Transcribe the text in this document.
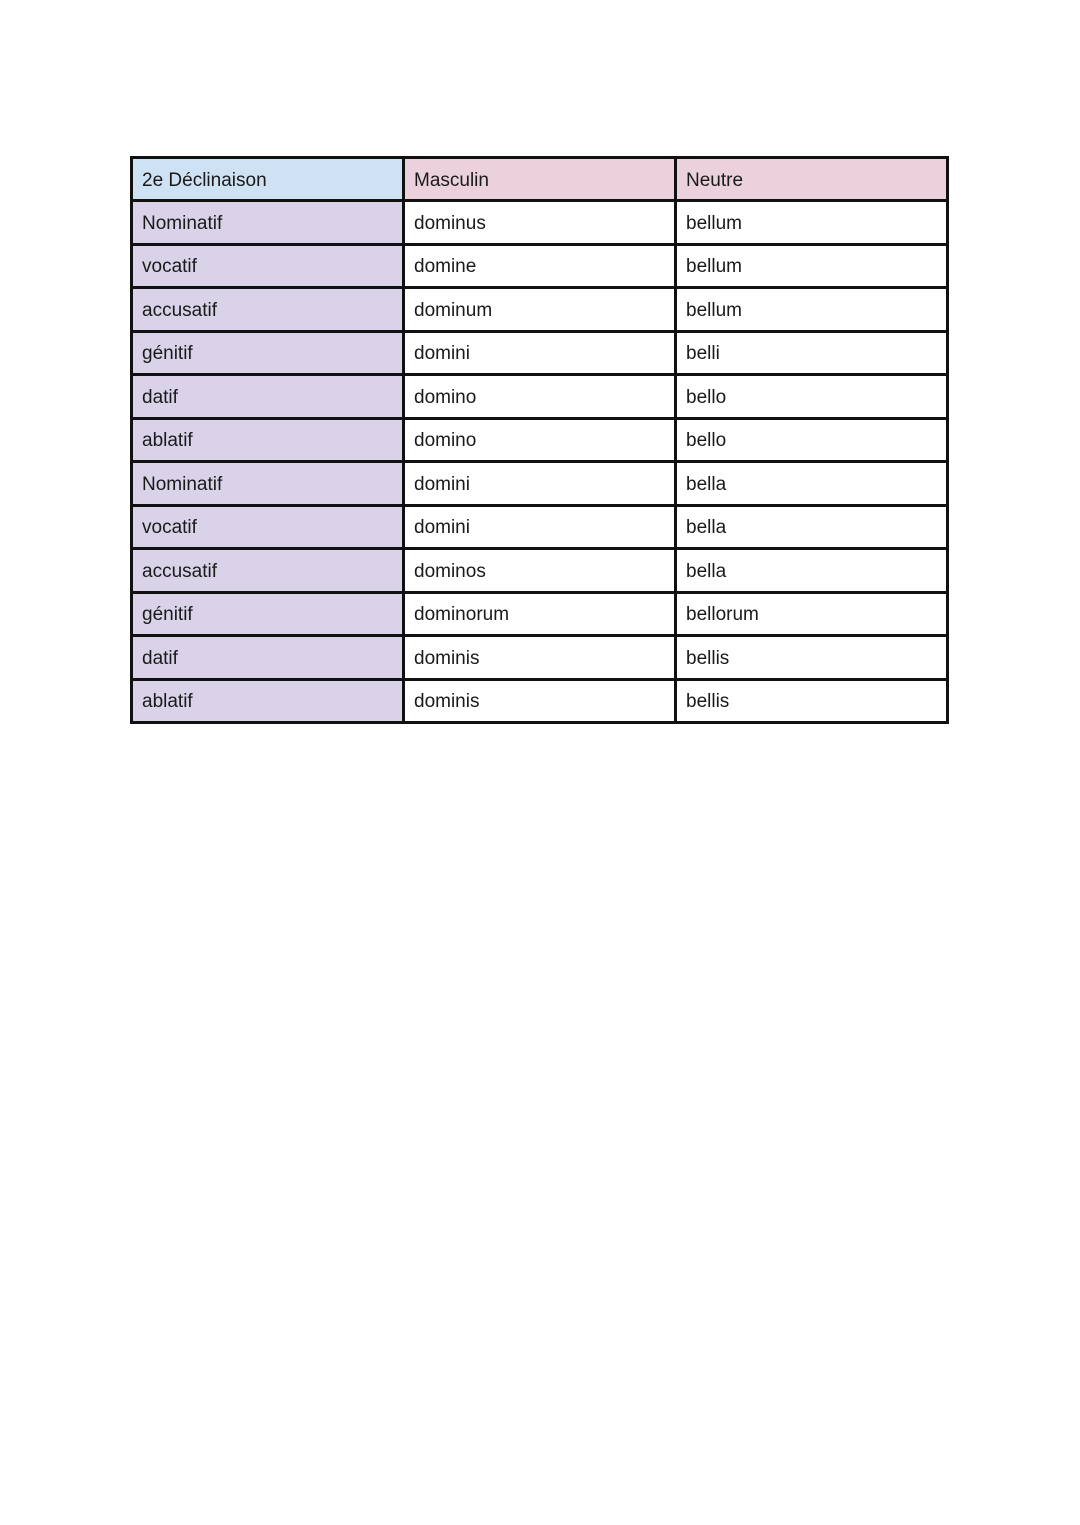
2e Déclinaison	Masculin	Neutre
Nominatif	dominus	bellum
vocatif	domine	bellum
accusatif	dominum	bellum
génitif	domini	belli
datif	domino	bello
ablatif	domino	bello
Nominatif	domini	bella
vocatif	domini	bella
accusatif	dominos	bella
génitif	dominorum	bellorum
datif	dominis	bellis
ablatif	dominis	bellis
